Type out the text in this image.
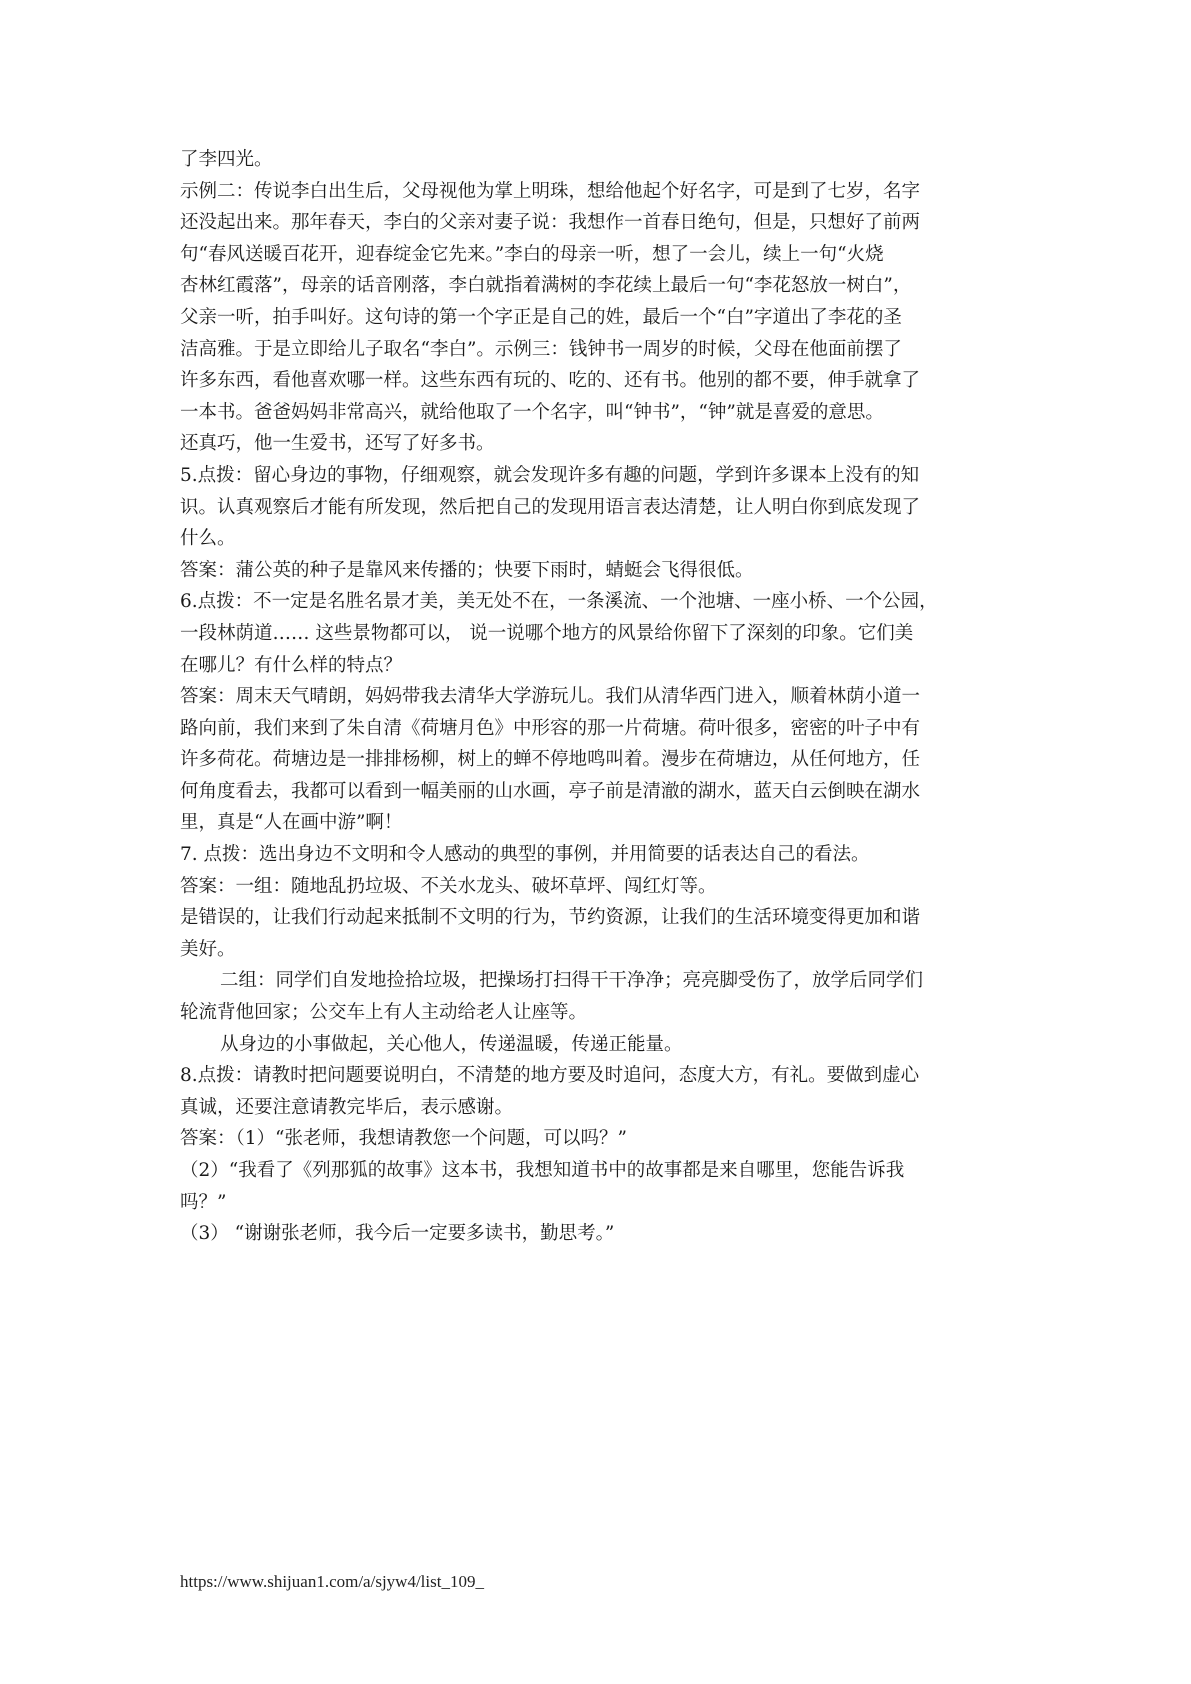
了李四光。
示例二：传说李白出生后，父母视他为掌上明珠，想给他起个好名字，可是到了七岁，名字
还没起出来。那年春天，李白的父亲对妻子说：我想作一首春日绝句，但是，只想好了前两
句“春风送暖百花开，迎春绽金它先来。”李白的母亲一听，想了一会儿，续上一句“火烧
杏林红霞落”，母亲的话音刚落，李白就指着满树的李花续上最后一句“李花怒放一树白”，
父亲一听，拍手叫好。这句诗的第一个字正是自己的姓，最后一个“白”字道出了李花的圣
洁高雅。于是立即给儿子取名“李白”。示例三：钱钟书一周岁的时候，父母在他面前摆了
许多东西，看他喜欢哪一样。这些东西有玩的、吃的、还有书。他别的都不要，伸手就拿了
一本书。爸爸妈妈非常高兴，就给他取了一个名字，叫“钟书”，“钟”就是喜爱的意思。
还真巧，他一生爱书，还写了好多书。
5.点拨：留心身边的事物，仔细观察，就会发现许多有趣的问题，学到许多课本上没有的知
识。认真观察后才能有所发现，然后把自己的发现用语言表达清楚，让人明白你到底发现了
什么。
答案：蒲公英的种子是靠风来传播的；快要下雨时，蜻蜓会飞得很低。
6.点拨：不一定是名胜名景才美，美无处不在，一条溪流、一个池塘、一座小桥、一个公园，
一段林荫道…… 这些景物都可以， 说一说哪个地方的风景给你留下了深刻的印象。它们美
在哪儿？有什么样的特点？
答案：周末天气晴朗，妈妈带我去清华大学游玩儿。我们从清华西门进入，顺着林荫小道一
路向前，我们来到了朱自清《荷塘月色》中形容的那一片荷塘。荷叶很多，密密的叶子中有
许多荷花。荷塘边是一排排杨柳，树上的蝉不停地鸣叫着。漫步在荷塘边，从任何地方，任
何角度看去，我都可以看到一幅美丽的山水画，亭子前是清澈的湖水，蓝天白云倒映在湖水
里，真是“人在画中游”啊！
7. 点拨：选出身边不文明和令人感动的典型的事例，并用简要的话表达自己的看法。
答案：一组：随地乱扔垃圾、不关水龙头、破坏草坪、闯红灯等。
是错误的，让我们行动起来抵制不文明的行为，节约资源，让我们的生活环境变得更加和谐
美好。
二组：同学们自发地捡拾垃圾，把操场打扫得干干净净；亮亮脚受伤了，放学后同学们
轮流背他回家；公交车上有人主动给老人让座等。
从身边的小事做起，关心他人，传递温暖，传递正能量。
8.点拨：请教时把问题要说明白，不清楚的地方要及时追问，态度大方，有礼。要做到虚心
真诚，还要注意请教完毕后，表示感谢。
答案：（1）“张老师，我想请教您一个问题，可以吗？”
（2）“我看了《列那狐的故事》这本书，我想知道书中的故事都是来自哪里，您能告诉我
吗？”
（3） “谢谢张老师，我今后一定要多读书，勤思考。”
https://www.shijuan1.com/a/sjyw4/list_109_
